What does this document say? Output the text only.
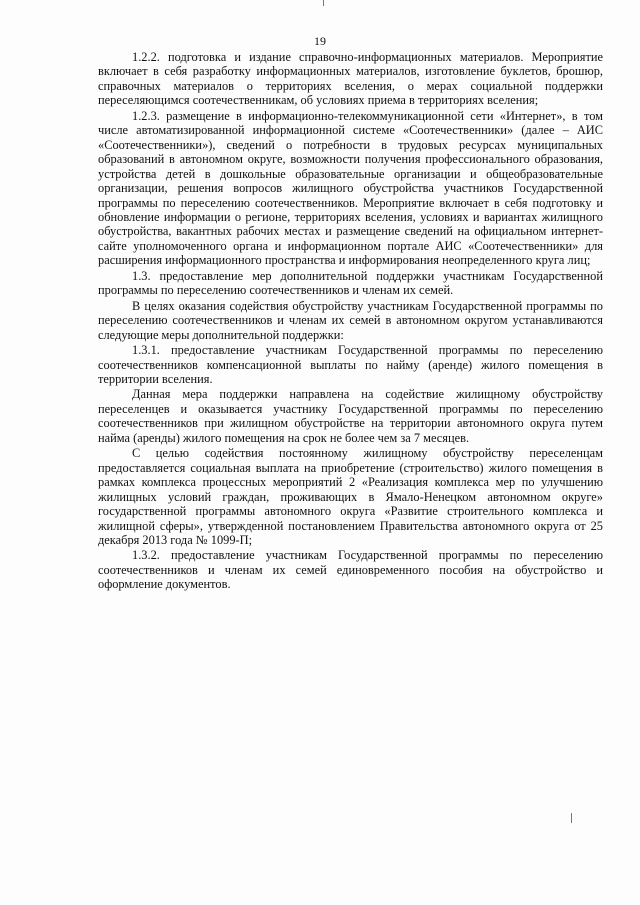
19

1.2.2. подготовка и издание справочно-информационных материалов. Мероприятие включает в себя разработку информационных материалов, изготовление буклетов, брошюр, справочных материалов о территориях вселения, о мерах социальной поддержки переселяющимся соотечественникам, об условиях приема в территориях вселения;

1.2.3. размещение в информационно-телекоммуникационной сети «Интернет», в том числе автоматизированной информационной системе «Соотечественники» (далее – АИС «Соотечественники»), сведений о потребности в трудовых ресурсах муниципальных образований в автономном округе, возможности получения профессионального образования, устройства детей в дошкольные образовательные организации и общеобразовательные организации, решения вопросов жилищного обустройства участников Государственной программы по переселению соотечественников. Мероприятие включает в себя подготовку и обновление информации о регионе, территориях вселения, условиях и вариантах жилищного обустройства, вакантных рабочих местах и размещение сведений на официальном интернет-сайте уполномоченного органа и информационном портале АИС «Соотечественники» для расширения информационного пространства и информирования неопределенного круга лиц;

1.3. предоставление мер дополнительной поддержки участникам Государственной программы по переселению соотечественников и членам их семей.

В целях оказания содействия обустройству участникам Государственной программы по переселению соотечественников и членам их семей в автономном округом устанавливаются следующие меры дополнительной поддержки:

1.3.1. предоставление участникам Государственной программы по переселению соотечественников компенсационной выплаты по найму (аренде) жилого помещения в территории вселения.

Данная мера поддержки направлена на содействие жилищному обустройству переселенцев и оказывается участнику Государственной программы по переселению соотечественников при жилищном обустройстве на территории автономного округа путем найма (аренды) жилого помещения на срок не более чем за 7 месяцев.

С целью содействия постоянному жилищному обустройству переселенцам предоставляется социальная выплата на приобретение (строительство) жилого помещения в рамках комплекса процессных мероприятий 2 «Реализация комплекса мер по улучшению жилищных условий граждан, проживающих в Ямало-Ненецком автономном округе» государственной программы автономного округа «Развитие строительного комплекса и жилищной сферы», утвержденной постановлением Правительства автономного округа от 25 декабря 2013 года № 1099-П;

1.3.2. предоставление участникам Государственной программы по переселению соотечественников и членам их семей единовременного пособия на обустройство и оформление документов.
